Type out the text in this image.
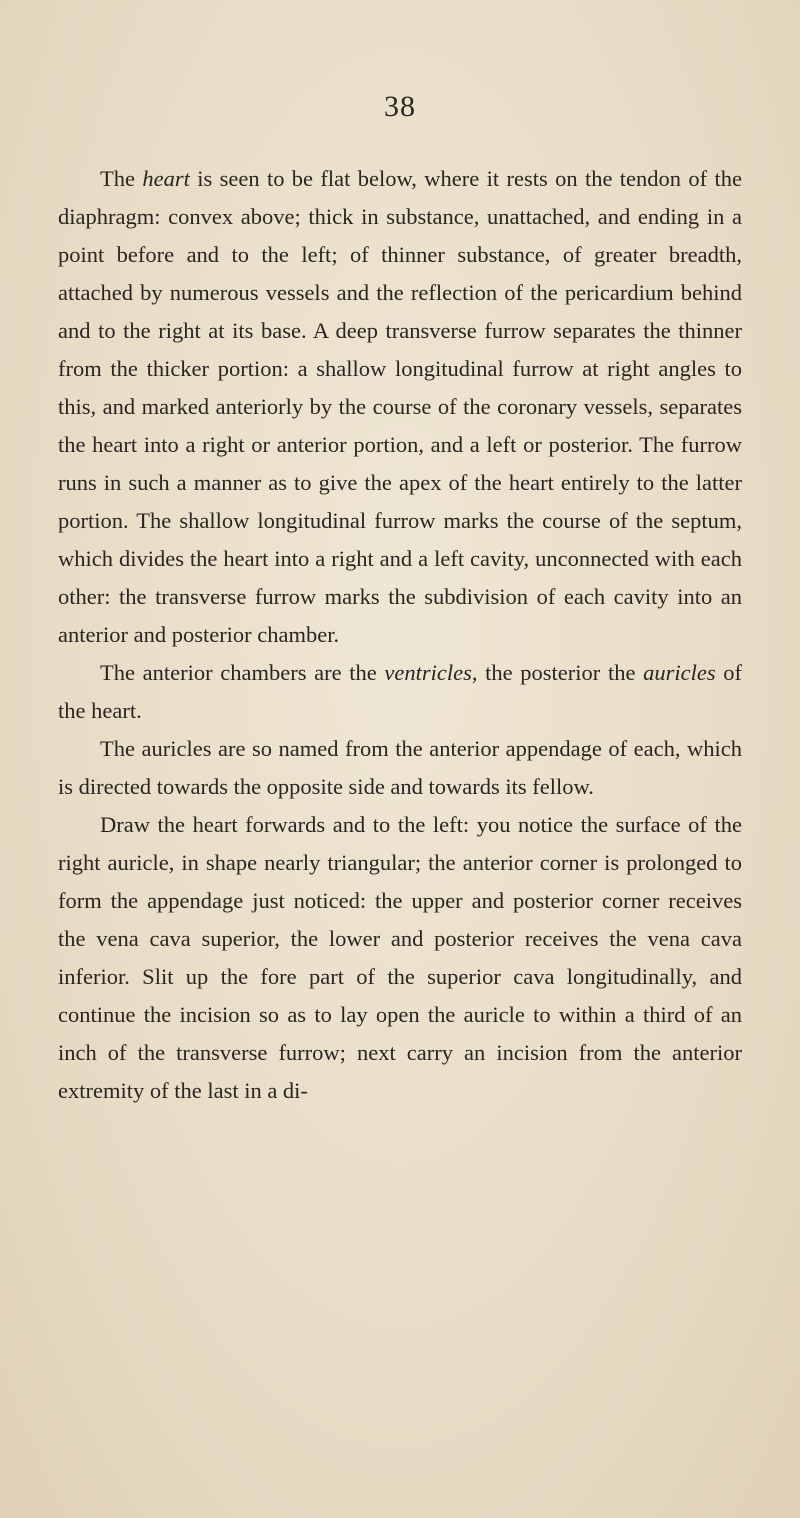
38

The heart is seen to be flat below, where it rests on the tendon of the diaphragm: convex above; thick in substance, unattached, and ending in a point before and to the left; of thinner substance, of greater breadth, attached by numerous vessels and the reflection of the pericardium behind and to the right at its base. A deep transverse furrow separates the thinner from the thicker portion: a shallow longitudinal furrow at right angles to this, and marked anteriorly by the course of the coronary vessels, separates the heart into a right or anterior portion, and a left or posterior. The furrow runs in such a manner as to give the apex of the heart entirely to the latter portion. The shallow longitudinal furrow marks the course of the septum, which divides the heart into a right and a left cavity, unconnected with each other: the transverse furrow marks the subdivision of each cavity into an anterior and posterior chamber.

The anterior chambers are the ventricles, the posterior the auricles of the heart.

The auricles are so named from the anterior appendage of each, which is directed towards the opposite side and towards its fellow.

Draw the heart forwards and to the left: you notice the surface of the right auricle, in shape nearly triangular; the anterior corner is prolonged to form the appendage just noticed: the upper and posterior corner receives the vena cava superior, the lower and posterior receives the vena cava inferior. Slit up the fore part of the superior cava longitudinally, and continue the incision so as to lay open the auricle to within a third of an inch of the transverse furrow; next carry an incision from the anterior extremity of the last in a di-
